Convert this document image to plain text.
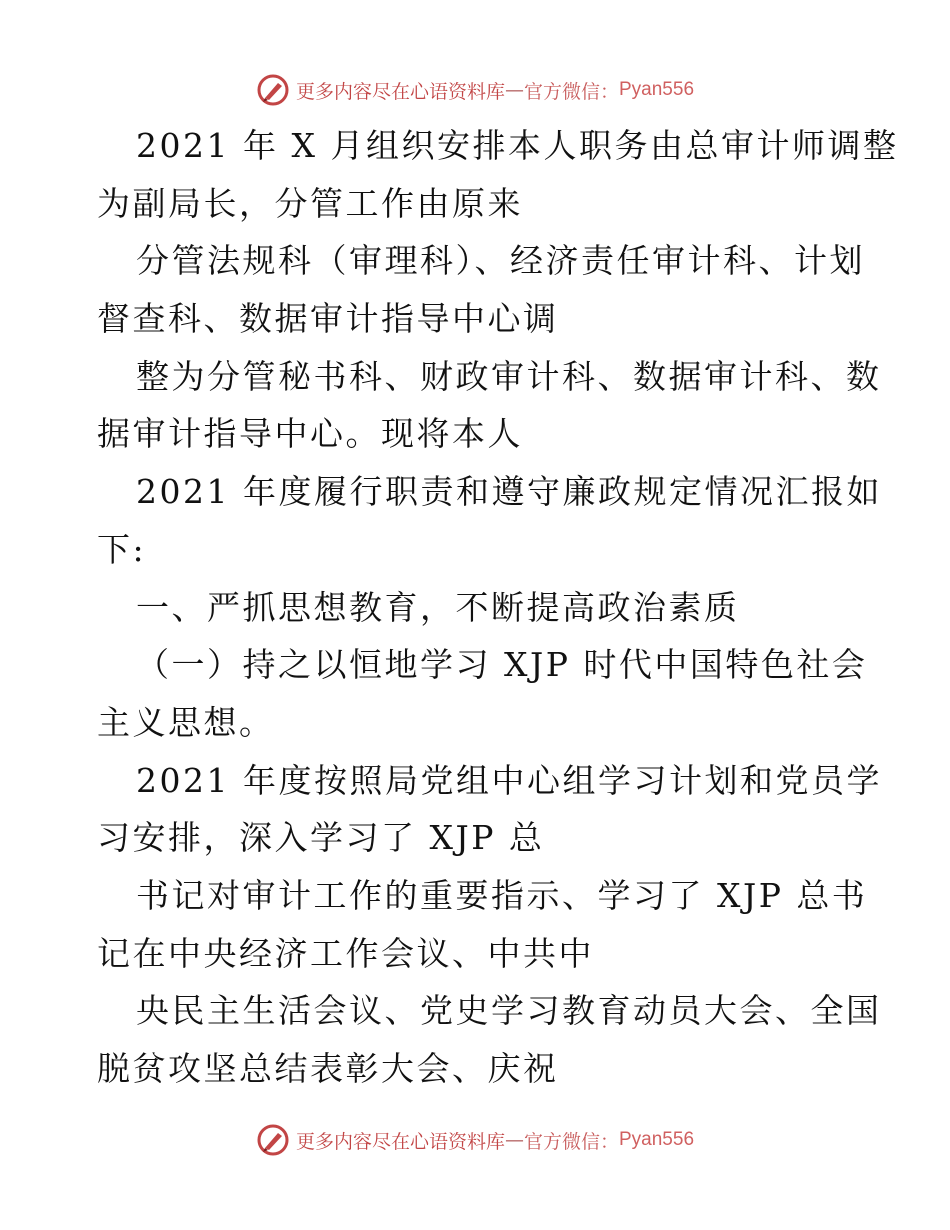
更多内容尽在心语资料库 — 官方微信： Pyan556
2021 年 X 月组织安排本人职务由总审计师调整
为副局长，分管工作由原来
分管法规科（审理科）、经济责任审计科、计划
督查科、数据审计指导中心调
整为分管秘书科、财政审计科、数据审计科、数
据审计指导中心。现将本人
2021 年度履行职责和遵守廉政规定情况汇报如
下:
一、严抓思想教育，不断提高政治素质
（一）持之以恒地学习 XJP 时代中国特色社会
主义思想。
2021 年度按照局党组中心组学习计划和党员学
习安排，深入学习了 XJP 总
书记对审计工作的重要指示、学习了 XJP 总书
记在中央经济工作会议、中共中
央民主生活会议、党史学习教育动员大会、全国
脱贫攻坚总结表彰大会、庆祝
更多内容尽在心语资料库 — 官方微信： Pyan556
